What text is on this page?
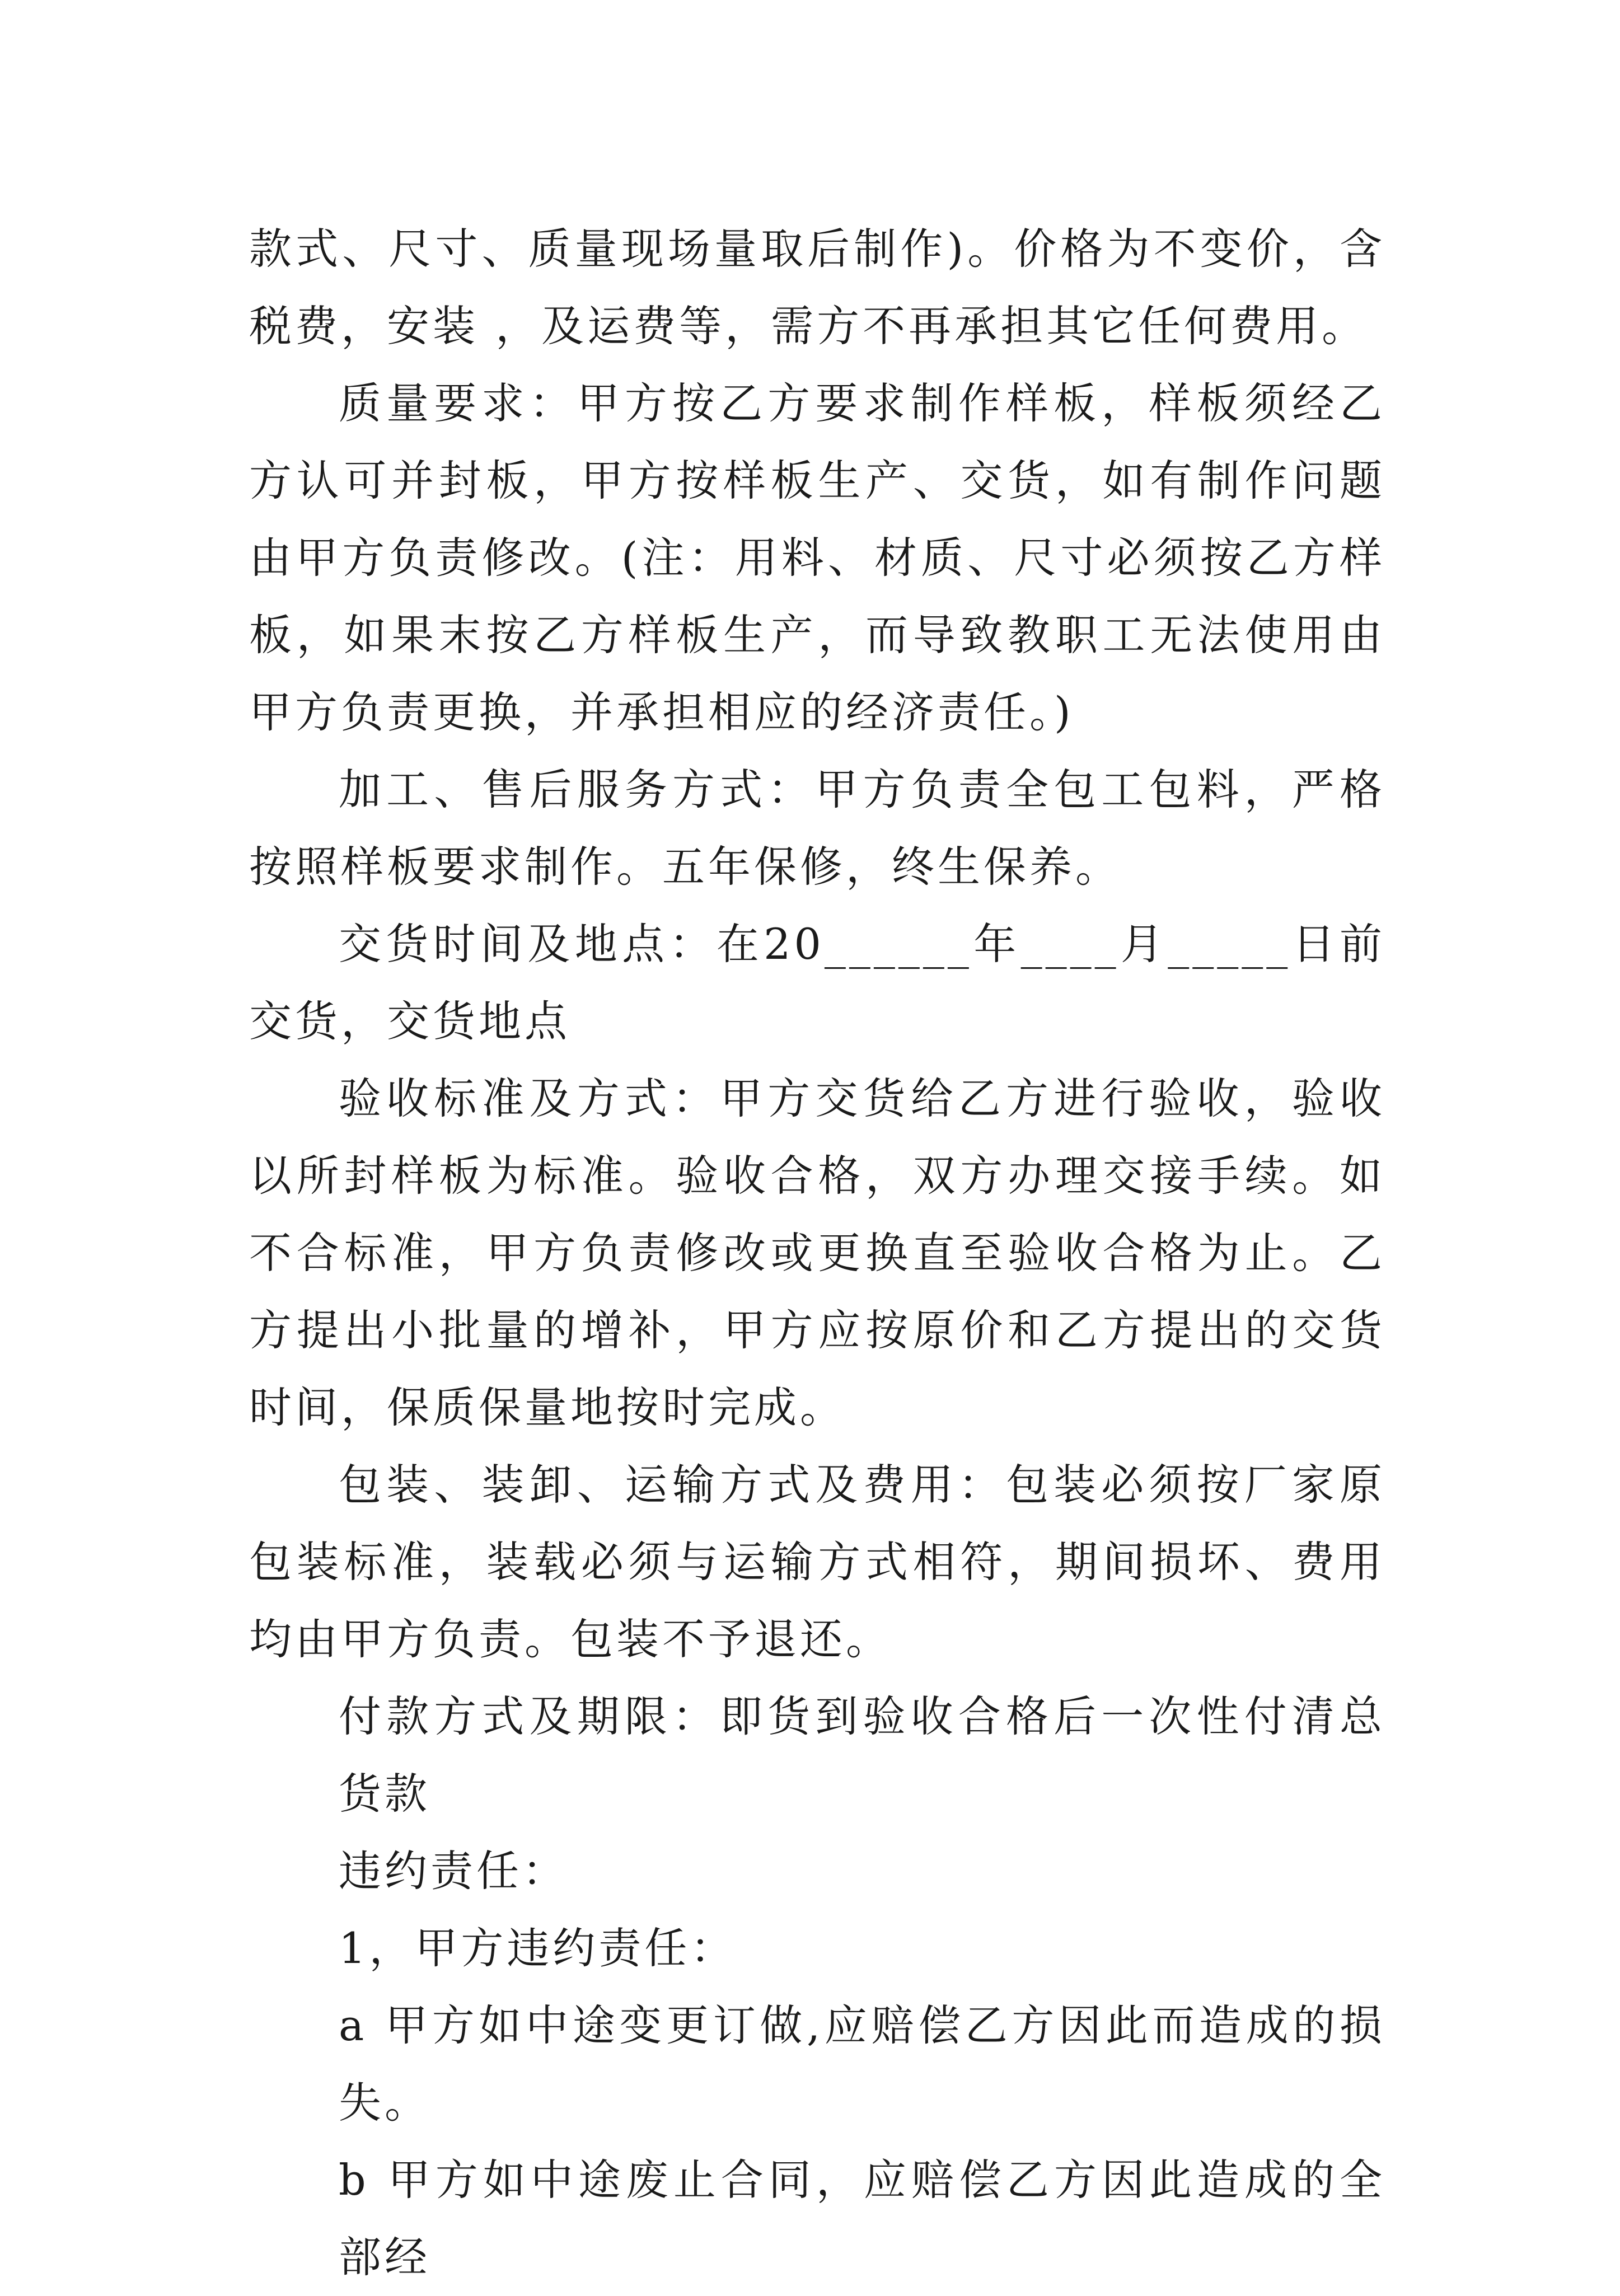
款式、尺寸、质量现场量取后制作)。价格为不变价，含税费，安装 ，及运费等，需方不再承担其它任何费用。

质量要求：甲方按乙方要求制作样板，样板须经乙方认可并封板，甲方按样板生产、交货，如有制作问题由甲方负责修改。(注：用料、材质、尺寸必须按乙方样板，如果末按乙方样板生产，而导致教职工无法使用由甲方负责更换，并承担相应的经济责任。)

加工、售后服务方式：甲方负责全包工包料，严格按照样板要求制作。五年保修，终生保养。

交货时间及地点：在20______年____月_____日前交货，交货地点

验收标准及方式：甲方交货给乙方进行验收，验收以所封样板为标准。验收合格，双方办理交接手续。如不合标准，甲方负责修改或更换直至验收合格为止。乙方提出小批量的增补，甲方应按原价和乙方提出的交货时间，保质保量地按时完成。

包装、装卸、运输方式及费用：包装必须按厂家原包装标准，装载必须与运输方式相符，期间损坏、费用均由甲方负责。包装不予退还。

付款方式及期限：即货到验收合格后一次性付清总货款

违约责任：

1，甲方违约责任：

a 甲方如中途变更订做,应赔偿乙方因此而造成的损失。

b 甲方如中途废止合同，应赔偿乙方因此造成的全部经
